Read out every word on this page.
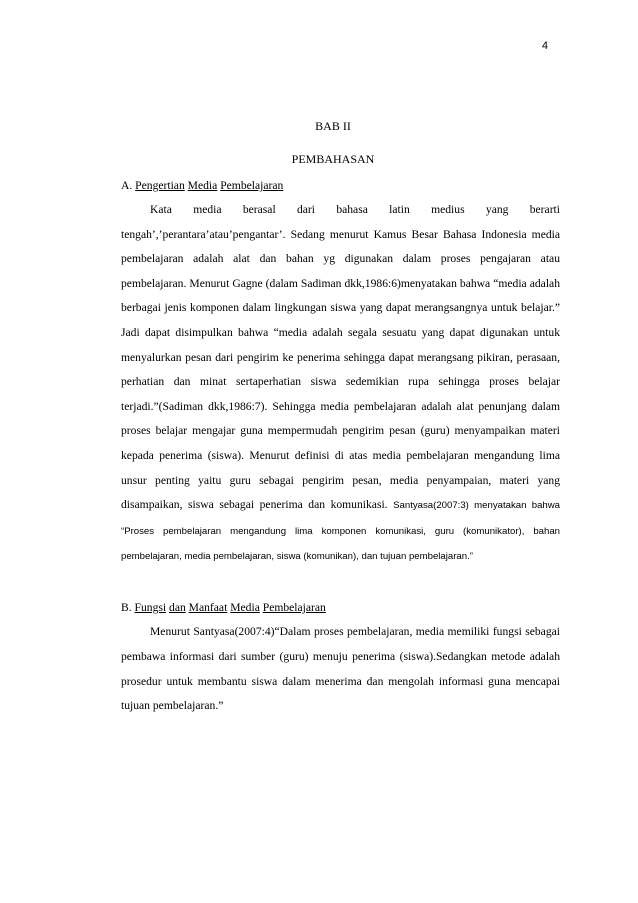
4

BAB II

PEMBAHASAN

A. Pengertian Media Pembelajaran

Kata media berasal dari bahasa latin medius yang berarti tengah’,’perantara’atau’pengantar’. Sedang menurut Kamus Besar Bahasa Indonesia media pembelajaran adalah alat dan bahan yg digunakan dalam proses pengajaran atau pembelajaran. Menurut Gagne (dalam Sadiman dkk,1986:6)menyatakan bahwa “media adalah berbagai jenis komponen dalam lingkungan siswa yang dapat merangsangnya untuk belajar.” Jadi dapat disimpulkan bahwa “media adalah segala sesuatu yang dapat digunakan untuk menyalurkan pesan dari pengirim ke penerima sehingga dapat merangsang pikiran, perasaan, perhatian dan minat sertaperhatian siswa sedemikian rupa sehingga proses belajar terjadi.”(Sadiman dkk,1986:7). Sehingga media pembelajaran adalah alat penunjang dalam proses belajar mengajar guna mempermudah pengirim pesan (guru) menyampaikan materi kepada penerima (siswa). Menurut definisi di atas media pembelajaran mengandung lima unsur penting yaitu guru sebagai pengirim pesan, media penyampaian, materi yang disampaikan, siswa sebagai penerima dan komunikasi. Santyasa(2007:3) menyatakan bahwa “Proses pembelajaran mengandung lima komponen komunikasi, guru (komunikator), bahan pembelajaran, media pembelajaran, siswa (komunikan), dan tujuan pembelajaran.”

B. Fungsi dan Manfaat Media Pembelajaran

Menurut Santyasa(2007:4)“Dalam proses pembelajaran, media memiliki fungsi sebagai pembawa informasi dari sumber (guru) menuju penerima (siswa).Sedangkan metode adalah prosedur untuk membantu siswa dalam menerima dan mengolah informasi guna mencapai tujuan pembelajaran.”
